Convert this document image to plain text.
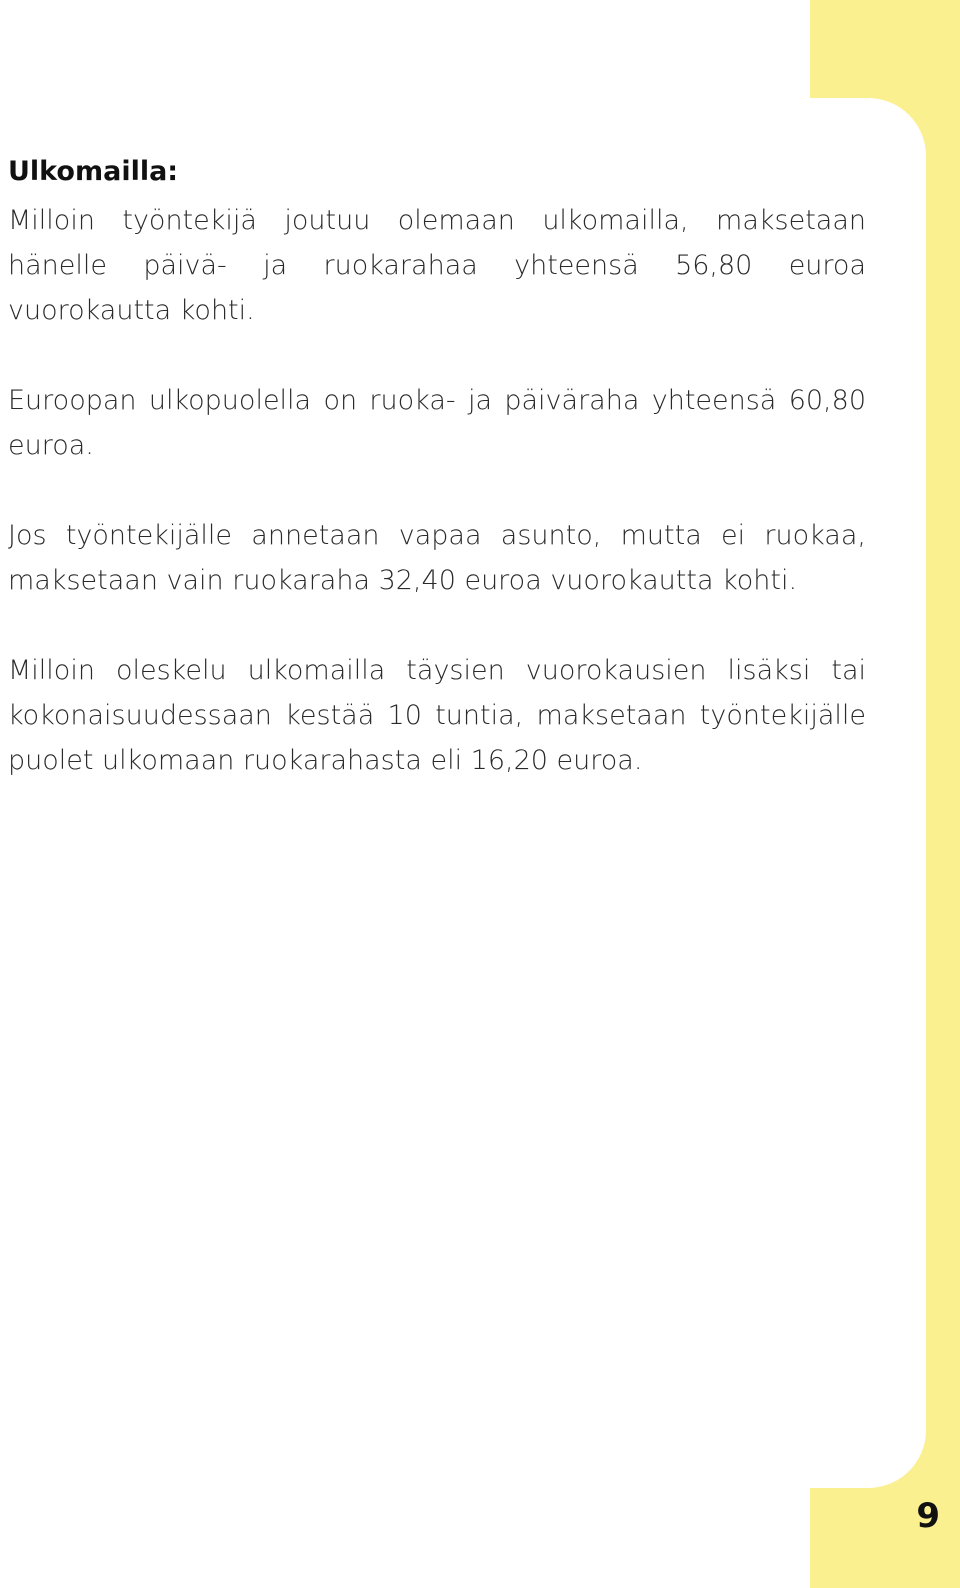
Ulkomailla:

Milloin työntekijä joutuu olemaan ulkomailla, maksetaan hänelle päivä- ja ruokarahaa yhteensä 56,80 euroa vuorokautta kohti.

Euroopan ulkopuolella on ruoka- ja päiväraha yhteensä 60,80 euroa.

Jos työntekijälle annetaan vapaa asunto, mutta ei ruokaa, maksetaan vain ruokaraha 32,40 euroa vuorokautta kohti.

Milloin oleskelu ulkomailla täysien vuorokausien lisäksi tai kokonaisuudessaan kestää 10 tuntia, maksetaan työntekijälle puolet ulkomaan ruokarahasta eli 16,20 euroa.

9
